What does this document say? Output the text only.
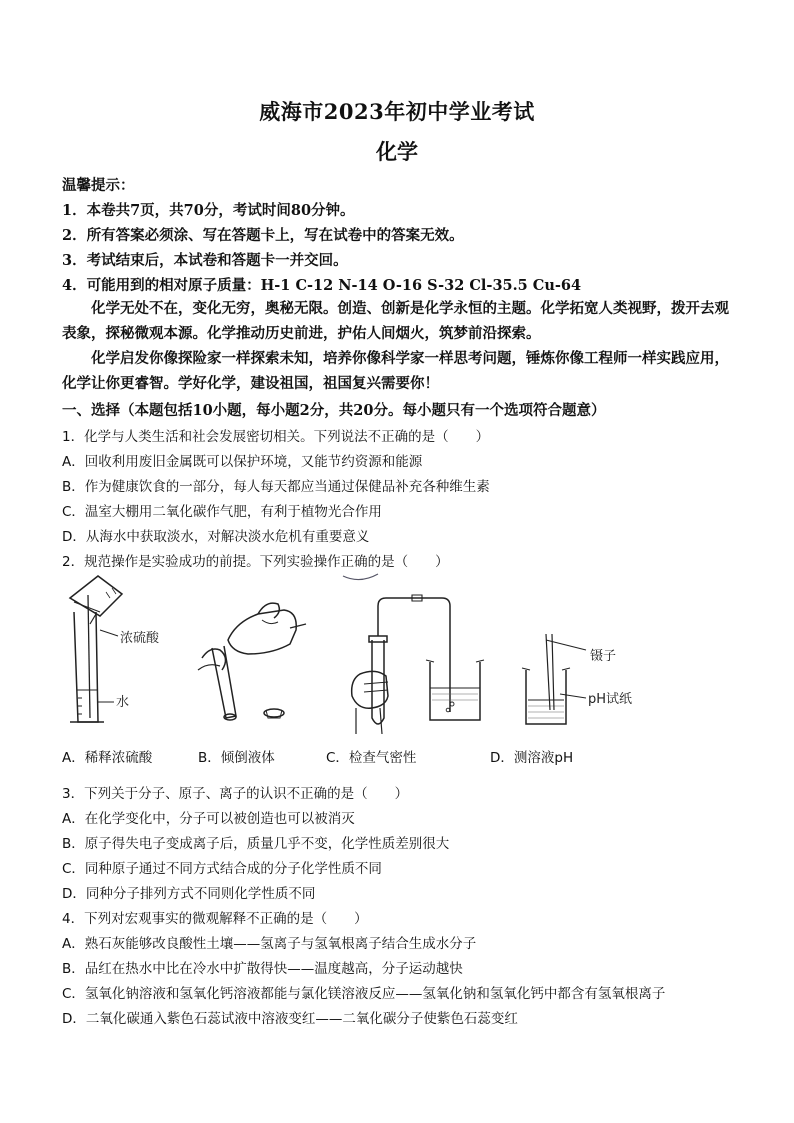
威海市2023年初中学业考试
化学
温馨提示：
1．本卷共7页，共70分，考试时间80分钟。
2．所有答案必须涂、写在答题卡上，写在试卷中的答案无效。
3．考试结束后，本试卷和答题卡一并交回。
4．可能用到的相对原子质量：H-1 C-12 N-14 O-16 S-32 Cl-35.5 Cu-64
化学无处不在，变化无穷，奥秘无限。创造、创新是化学永恒的主题。化学拓宽人类视野，拨开去观表象，探秘微观本源。化学推动历史前进，护佑人间烟火，筑梦前沿探索。
化学启发你像探险家一样探索未知，培养你像科学家一样思考问题，锤炼你像工程师一样实践应用，化学让你更睿智。学好化学，建设祖国，祖国复兴需要你！
一、选择（本题包括10小题，每小题2分，共20分。每小题只有一个选项符合题意）
1．化学与人类生活和社会发展密切相关。下列说法不正确的是（　　）
A．回收利用废旧金属既可以保护环境，又能节约资源和能源
B．作为健康饮食的一部分，每人每天都应当通过保健品补充各种维生素
C．温室大棚用二氧化碳作气肥，有利于植物光合作用
D．从海水中获取淡水，对解决淡水危机有重要意义
2．规范操作是实验成功的前提。下列实验操作正确的是（　　）
浓硫酸
水
镊子
pH试纸
A．稀释浓硫酸	B．倾倒液体	C．检查气密性	D．测溶液pH
3．下列关于分子、原子、离子的认识不正确的是（　　）
A．在化学变化中，分子可以被创造也可以被消灭
B．原子得失电子变成离子后，质量几乎不变，化学性质差别很大
C．同种原子通过不同方式结合成的分子化学性质不同
D．同种分子排列方式不同则化学性质不同
4．下列对宏观事实的微观解释不正确的是（　　）
A．熟石灰能够改良酸性土壤——氢离子与氢氧根离子结合生成水分子
B．品红在热水中比在冷水中扩散得快——温度越高，分子运动越快
C．氢氧化钠溶液和氢氧化钙溶液都能与氯化镁溶液反应——氢氧化钠和氢氧化钙中都含有氢氧根离子
D．二氧化碳通入紫色石蕊试液中溶液变红——二氧化碳分子使紫色石蕊变红
